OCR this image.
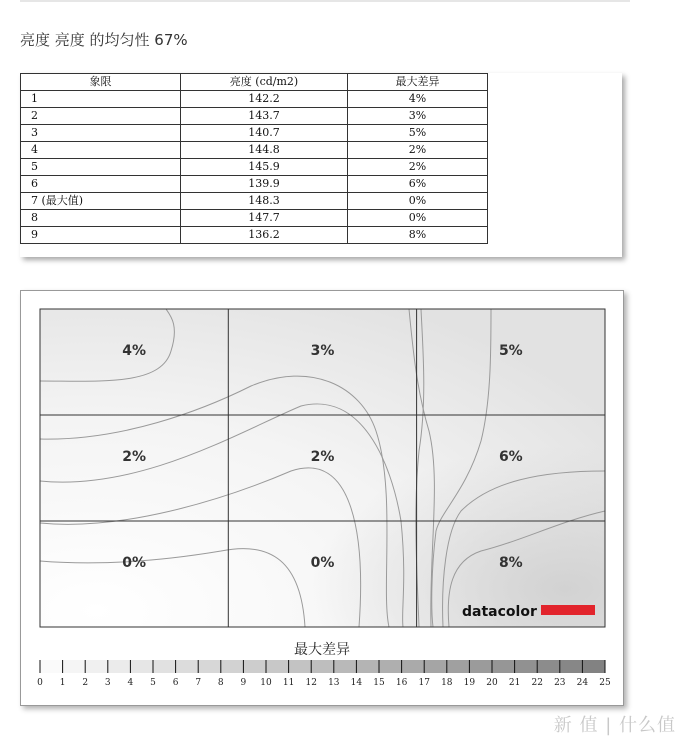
亮度 亮度 的均匀性 67%
象限	亮度 (cd/m2)	最大差异
1	142.2	4%
2	143.7	3%
3	140.7	5%
4	144.8	2%
5	145.9	2%
6	139.9	6%
7 (最大值)	148.3	0%
8	147.7	0%
9	136.2	8%
4%	3%	5%
2%	2%	6%
0%	0%	8%
datacolor
0 1 2 3 4 5 6 7 8 9 10 11 12 13 14 15 16 17 18 19 20 21 22 23 24 25
最大差异
新 值 | 什么值
